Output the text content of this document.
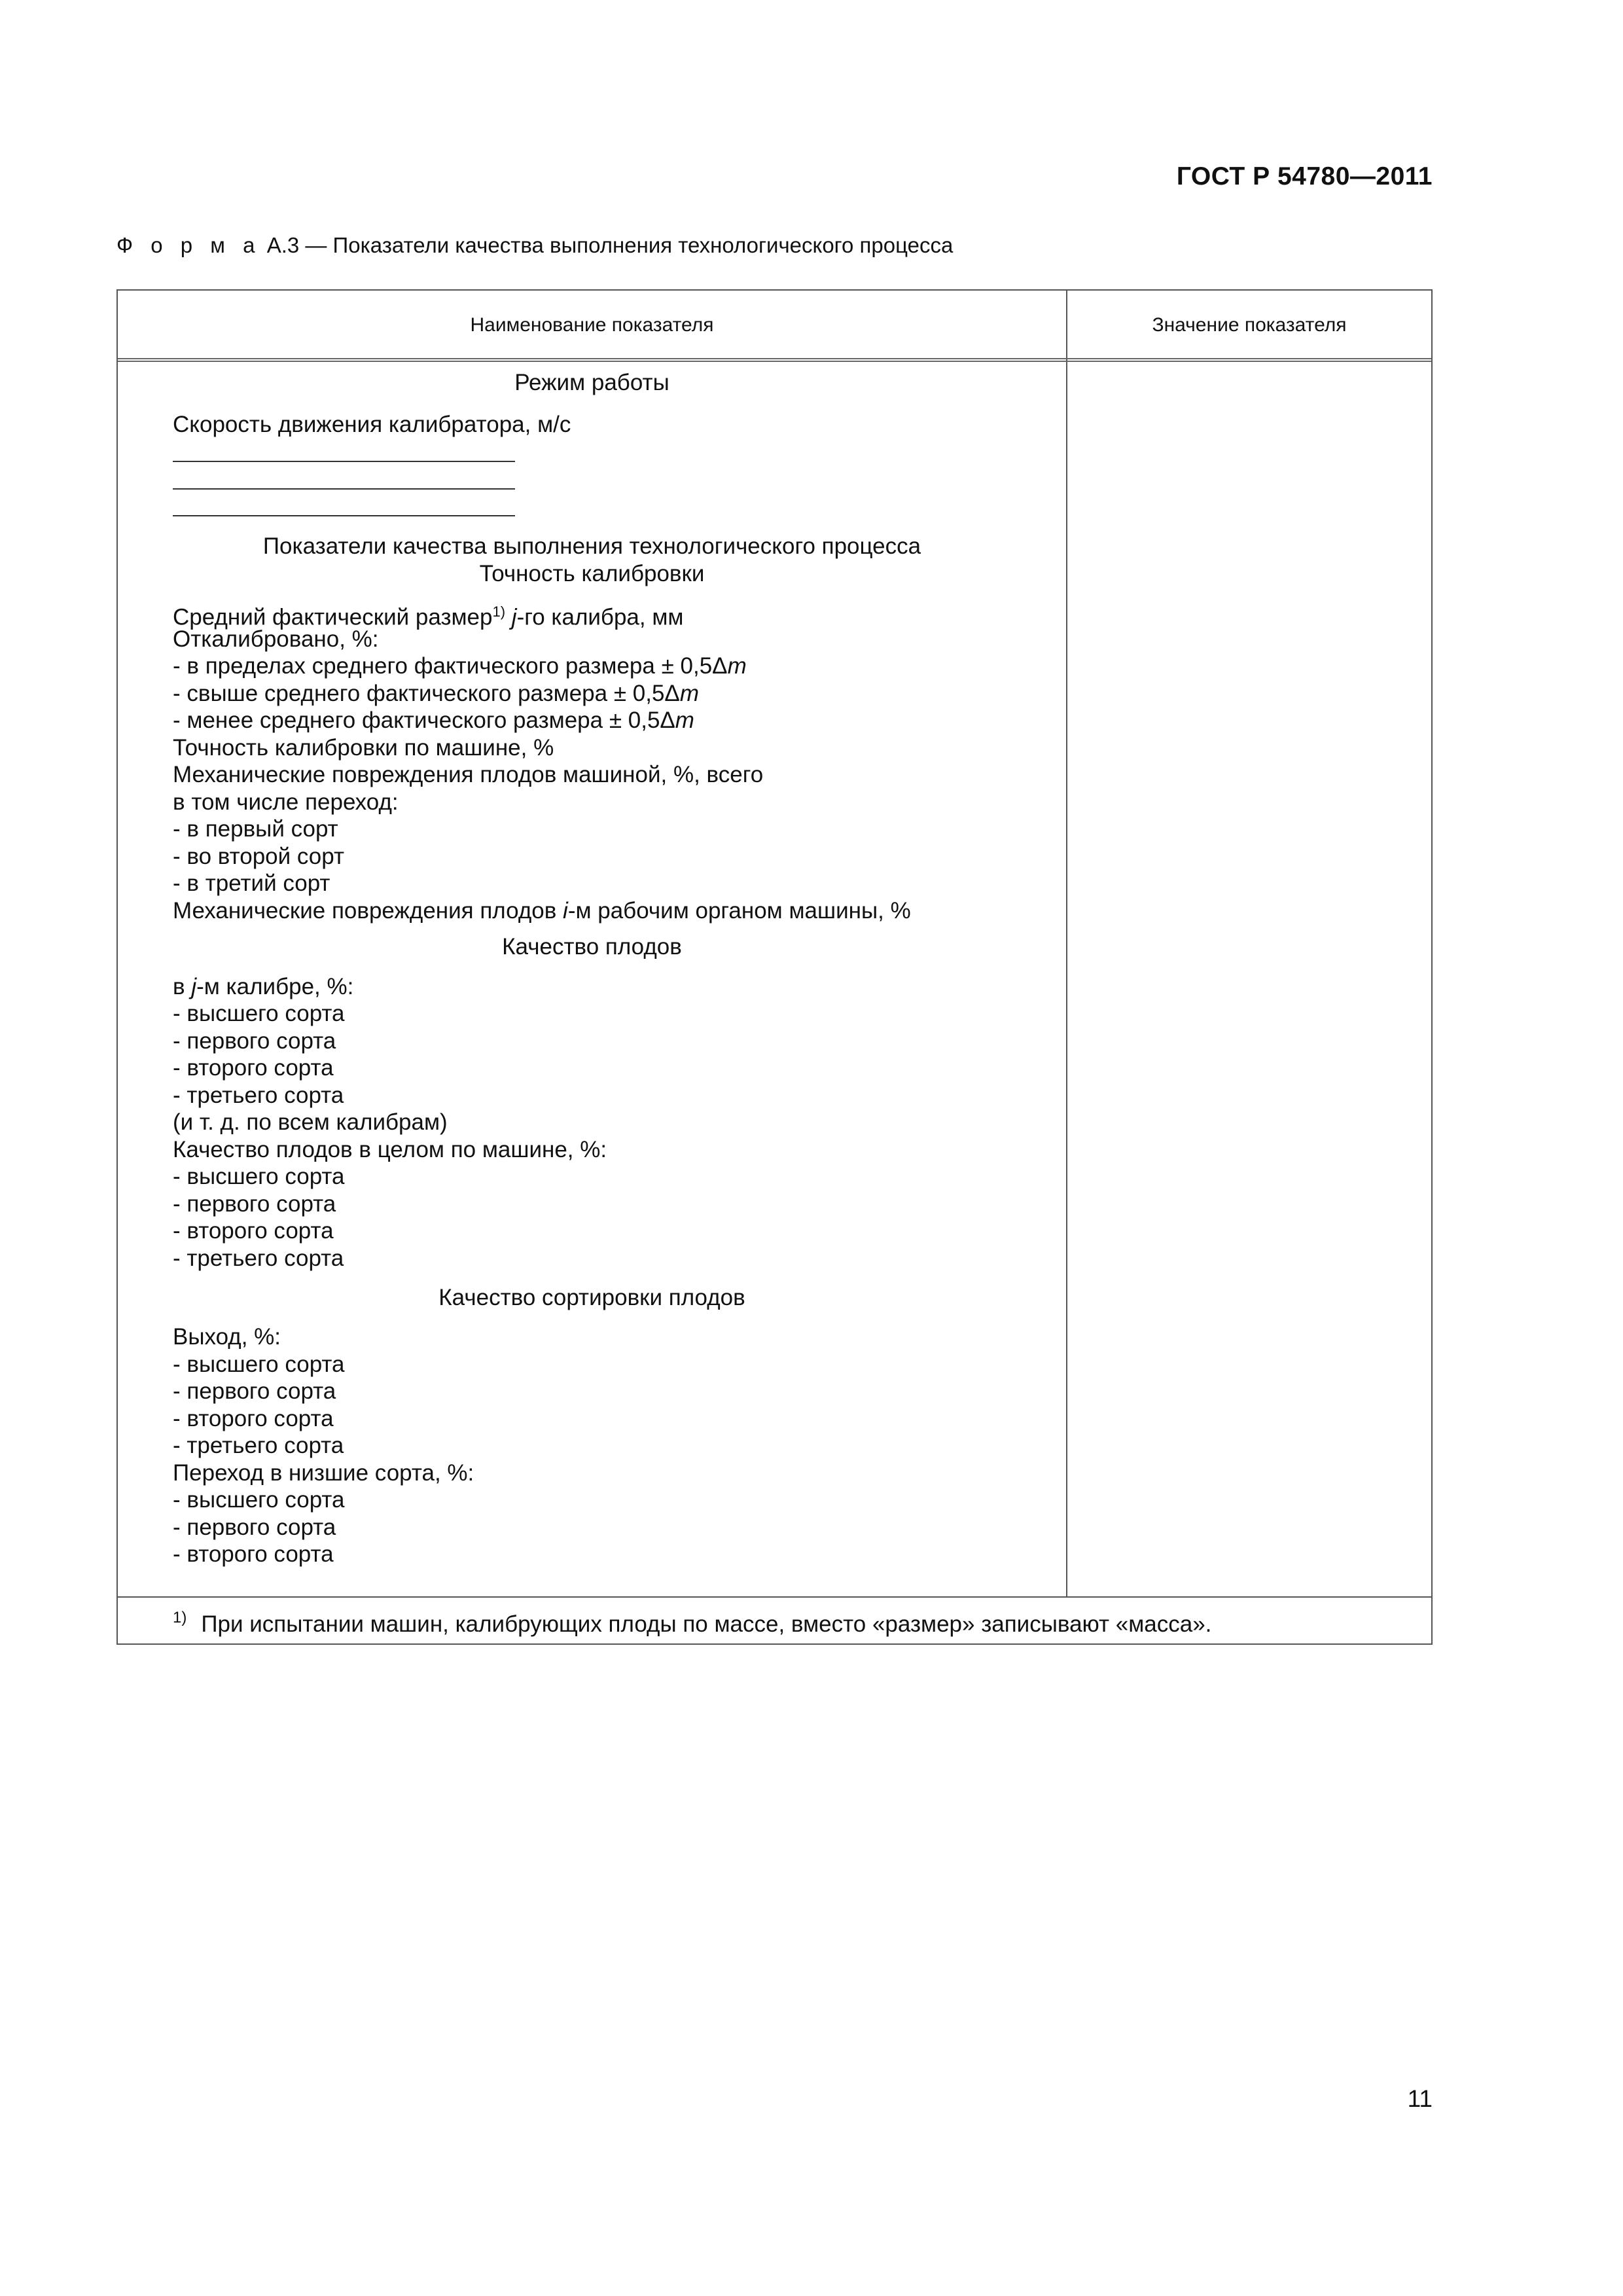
ГОСТ Р 54780—2011
Ф о р м а А.3 — Показатели качества выполнения технологического процесса
Наименование показателя	Значение показателя
Режим работы
Скорость движения калибратора, м/с
Показатели качества выполнения технологического процесса
Точность калибровки
Средний фактический размер$^{1)}$ j-го калибра, мм
Откалибровано, %:
- в пределах среднего фактического размера ± 0,5Δm
- свыше среднего фактического размера ± 0,5Δm
- менее среднего фактического размера ± 0,5Δm
Точность калибровки по машине, %
Механические повреждения плодов машиной, %, всего
в том числе переход:
- в первый сорт
- во второй сорт
- в третий сорт
Механические повреждения плодов i-м рабочим органом машины, %
Качество плодов
в j-м калибре, %:
- высшего сорта
- первого сорта
- второго сорта
- третьего сорта
(и т. д. по всем калибрам)
Качество плодов в целом по машине, %:
- высшего сорта
- первого сорта
- второго сорта
- третьего сорта
Качество сортировки плодов
Выход, %:
- высшего сорта
- первого сорта
- второго сорта
- третьего сорта
Переход в низшие сорта, %:
- высшего сорта
- первого сорта
- второго сорта
$^{1)}$ При испытании машин, калибрующих плоды по массе, вместо «размер» записывают «масса».
11
